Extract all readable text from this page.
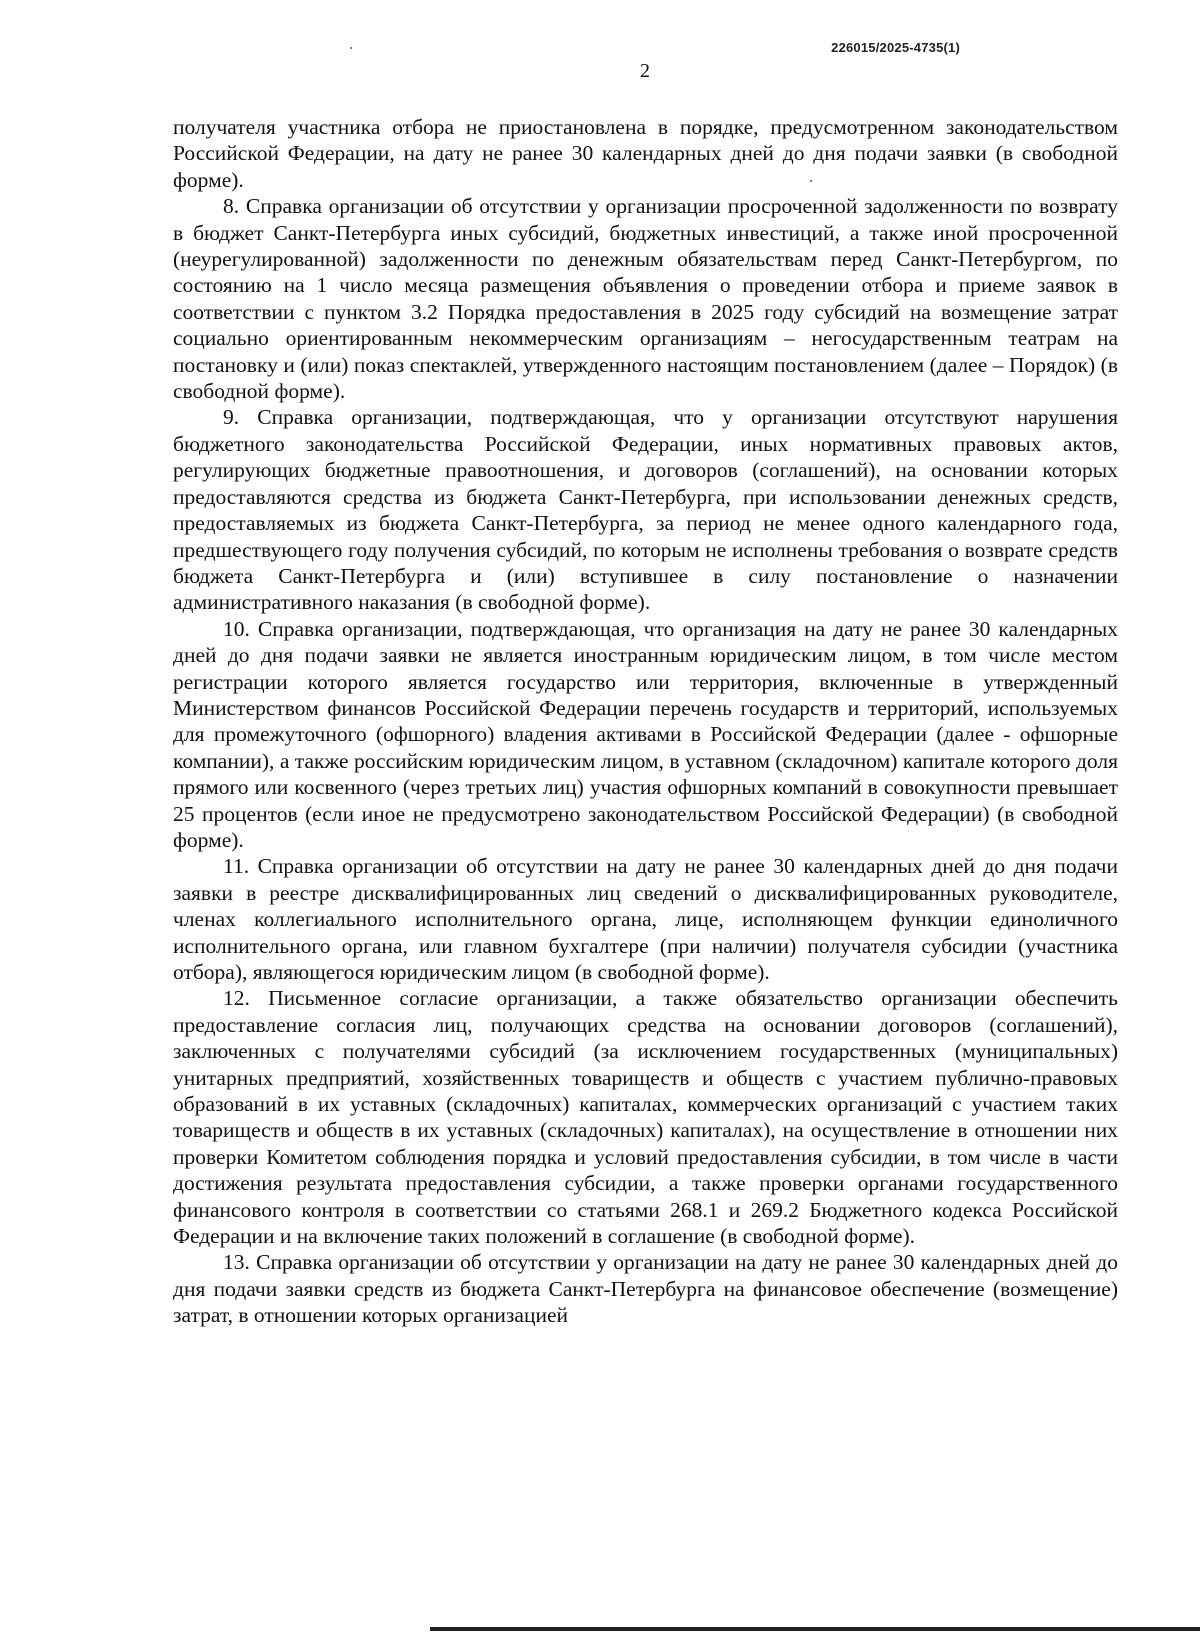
226015/2025-4735(1)
2

получателя участника отбора не приостановлена в порядке, предусмотренном законодательством Российской Федерации, на дату не ранее 30 календарных дней до дня подачи заявки (в свободной форме).

8. Справка организации об отсутствии у организации просроченной задолженности по возврату в бюджет Санкт-Петербурга иных субсидий, бюджетных инвестиций, а также иной просроченной (неурегулированной) задолженности по денежным обязательствам перед Санкт-Петербургом, по состоянию на 1 число месяца размещения объявления о проведении отбора и приеме заявок в соответствии с пунктом 3.2 Порядка предоставления в 2025 году субсидий на возмещение затрат социально ориентированным некоммерческим организациям – негосударственным театрам на постановку и (или) показ спектаклей, утвержденного настоящим постановлением (далее – Порядок) (в свободной форме).

9. Справка организации, подтверждающая, что у организации отсутствуют нарушения бюджетного законодательства Российской Федерации, иных нормативных правовых актов, регулирующих бюджетные правоотношения, и договоров (соглашений), на основании которых предоставляются средства из бюджета Санкт-Петербурга, при использовании денежных средств, предоставляемых из бюджета Санкт-Петербурга, за период не менее одного календарного года, предшествующего году получения субсидий, по которым не исполнены требования о возврате средств бюджета Санкт-Петербурга и (или) вступившее в силу постановление о назначении административного наказания (в свободной форме).

10. Справка организации, подтверждающая, что организация на дату не ранее 30 календарных дней до дня подачи заявки не является иностранным юридическим лицом, в том числе местом регистрации которого является государство или территория, включенные в утвержденный Министерством финансов Российской Федерации перечень государств и территорий, используемых для промежуточного (офшорного) владения активами в Российской Федерации (далее - офшорные компании), а также российским юридическим лицом, в уставном (складочном) капитале которого доля прямого или косвенного (через третьих лиц) участия офшорных компаний в совокупности превышает 25 процентов (если иное не предусмотрено законодательством Российской Федерации) (в свободной форме).

11. Справка организации об отсутствии на дату не ранее 30 календарных дней до дня подачи заявки в реестре дисквалифицированных лиц сведений о дисквалифицированных руководителе, членах коллегиального исполнительного органа, лице, исполняющем функции единоличного исполнительного органа, или главном бухгалтере (при наличии) получателя субсидии (участника отбора), являющегося юридическим лицом (в свободной форме).

12. Письменное согласие организации, а также обязательство организации обеспечить предоставление согласия лиц, получающих средства на основании договоров (соглашений), заключенных с получателями субсидий (за исключением государственных (муниципальных) унитарных предприятий, хозяйственных товариществ и обществ с участием публично-правовых образований в их уставных (складочных) капиталах, коммерческих организаций с участием таких товариществ и обществ в их уставных (складочных) капиталах), на осуществление в отношении них проверки Комитетом соблюдения порядка и условий предоставления субсидии, в том числе в части достижения результата предоставления субсидии, а также проверки органами государственного финансового контроля в соответствии со статьями 268.1 и 269.2 Бюджетного кодекса Российской Федерации и на включение таких положений в соглашение (в свободной форме).

13. Справка организации об отсутствии у организации на дату не ранее 30 календарных дней до дня подачи заявки средств из бюджета Санкт-Петербурга на финансовое обеспечение (возмещение) затрат, в отношении которых организацией
